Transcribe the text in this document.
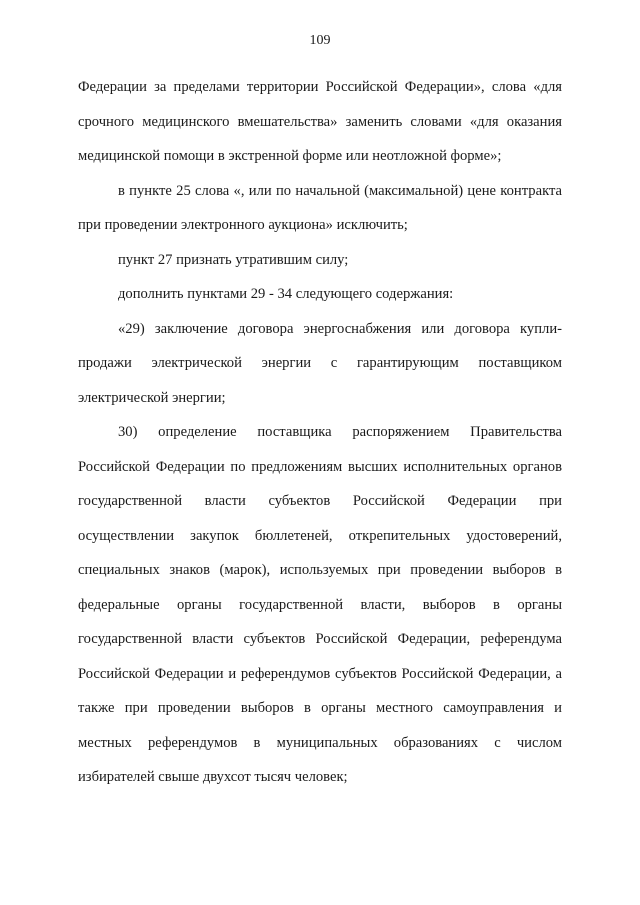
109

Федерации за пределами территории Российской Федерации», слова «для срочного медицинского вмешательства» заменить словами «для оказания медицинской помощи в экстренной форме или неотложной форме»;

в пункте 25 слова «, или по начальной (максимальной) цене контракта при проведении электронного аукциона» исключить;

пункт 27 признать утратившим силу;

дополнить пунктами 29 - 34 следующего содержания:

«29) заключение договора энергоснабжения или договора купли-продажи электрической энергии с гарантирующим поставщиком электрической энергии;

30) определение поставщика распоряжением Правительства Российской Федерации по предложениям высших исполнительных органов государственной власти субъектов Российской Федерации при осуществлении закупок бюллетеней, открепительных удостоверений, специальных знаков (марок), используемых при проведении выборов в федеральные органы государственной власти, выборов в органы государственной власти субъектов Российской Федерации, референдума Российской Федерации и референдумов субъектов Российской Федерации, а также при проведении выборов в органы местного самоуправления и местных референдумов в муниципальных образованиях с числом избирателей свыше двухсот тысяч человек;
